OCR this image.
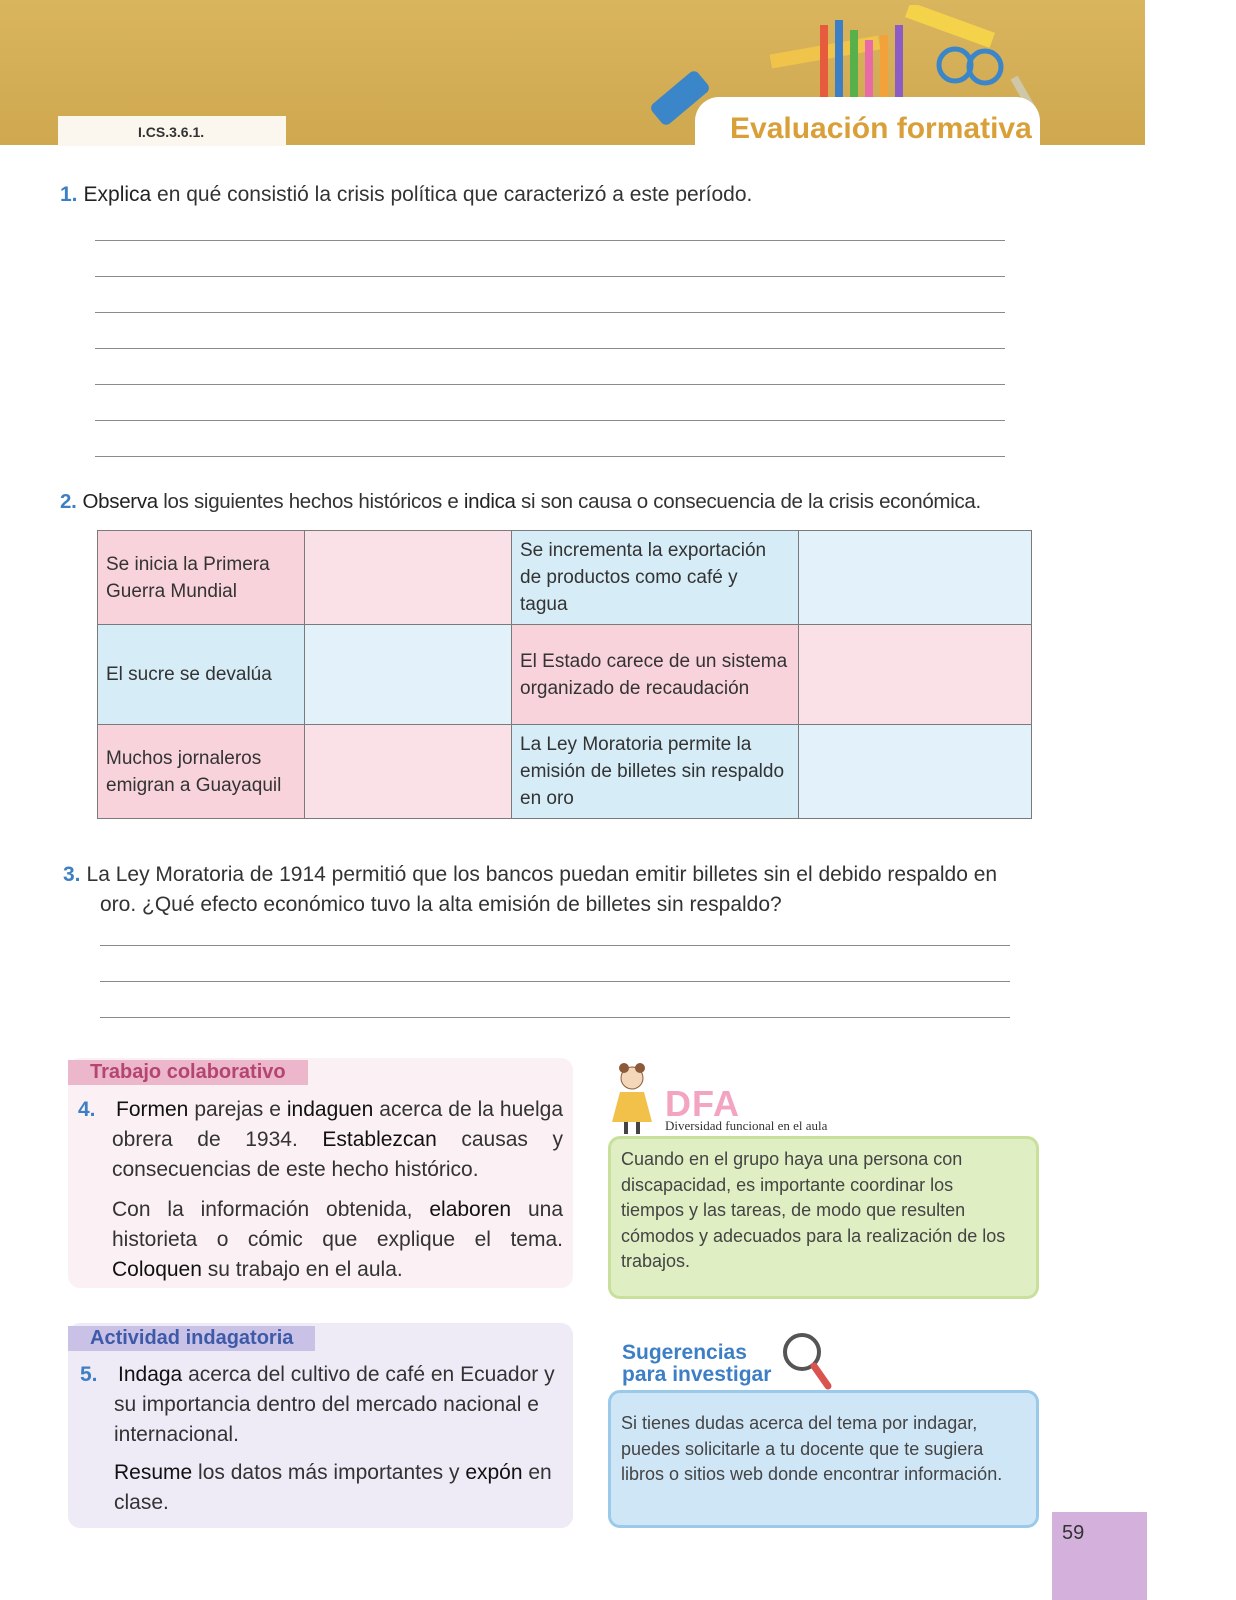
I.CS.3.6.1.	Evaluación formativa
1. Explica en qué consistió la crisis política que caracterizó a este período.
2. Observa los siguientes hechos históricos e indica si son causa o consecuencia de la crisis económica.
Se inicia la Primera Guerra Mundial		Se incrementa la exportación de productos como café y tagua	
El sucre se devalúa		El Estado carece de un sistema organizado de recaudación	
Muchos jornaleros emigran a Guayaquil		La Ley Moratoria permite la emisión de billetes sin respaldo en oro	
3. La Ley Moratoria de 1914 permitió que los bancos puedan emitir billetes sin el debido respaldo en
oro. ¿Qué efecto económico tuvo la alta emisión de billetes sin respaldo?
Trabajo colaborativo
4. Formen parejas e indaguen acerca de la huelga obrera de 1934. Establezcan causas y consecuencias de este hecho histórico.
Con la información obtenida, elaboren una historieta o cómic que explique el tema. Coloquen su trabajo en el aula.
Actividad indagatoria
5. Indaga acerca del cultivo de café en Ecuador y su importancia dentro del mercado nacional e internacional.
Resume los datos más importantes y expón en clase.
DFA
Diversidad funcional en el aula
Cuando en el grupo haya una persona con discapacidad, es importante coordinar los tiempos y las tareas, de modo que resulten cómodos y adecuados para la realización de los trabajos.
Sugerencias
para investigar
Si tienes dudas acerca del tema por indagar, puedes solicitarle a tu docente que te sugiera libros o sitios web donde encontrar información.
59
